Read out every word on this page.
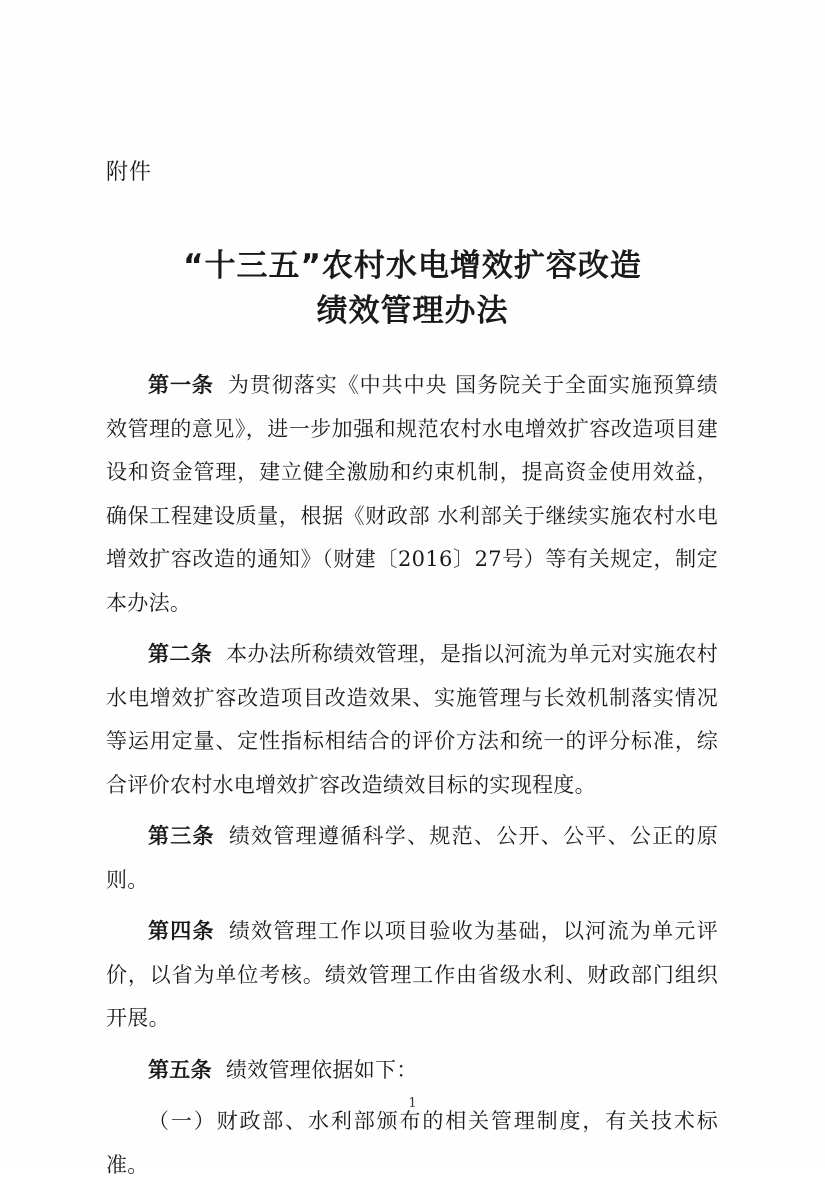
附件
“十三五”农村水电增效扩容改造
绩效管理办法

第一条 为贯彻落实《中共中央 国务院关于全面实施预算绩效管理的意见》，进一步加强和规范农村水电增效扩容改造项目建设和资金管理，建立健全激励和约束机制，提高资金使用效益，确保工程建设质量，根据《财政部 水利部关于继续实施农村水电增效扩容改造的通知》（财建〔2016〕27号）等有关规定，制定本办法。

第二条 本办法所称绩效管理，是指以河流为单元对实施农村水电增效扩容改造项目改造效果、实施管理与长效机制落实情况等运用定量、定性指标相结合的评价方法和统一的评分标准，综合评价农村水电增效扩容改造绩效目标的实现程度。

第三条 绩效管理遵循科学、规范、公开、公平、公正的原则。

第四条 绩效管理工作以项目验收为基础，以河流为单元评价，以省为单位考核。绩效管理工作由省级水利、财政部门组织开展。

第五条 绩效管理依据如下：

（一）财政部、水利部颁布的相关管理制度，有关技术标准。

1
